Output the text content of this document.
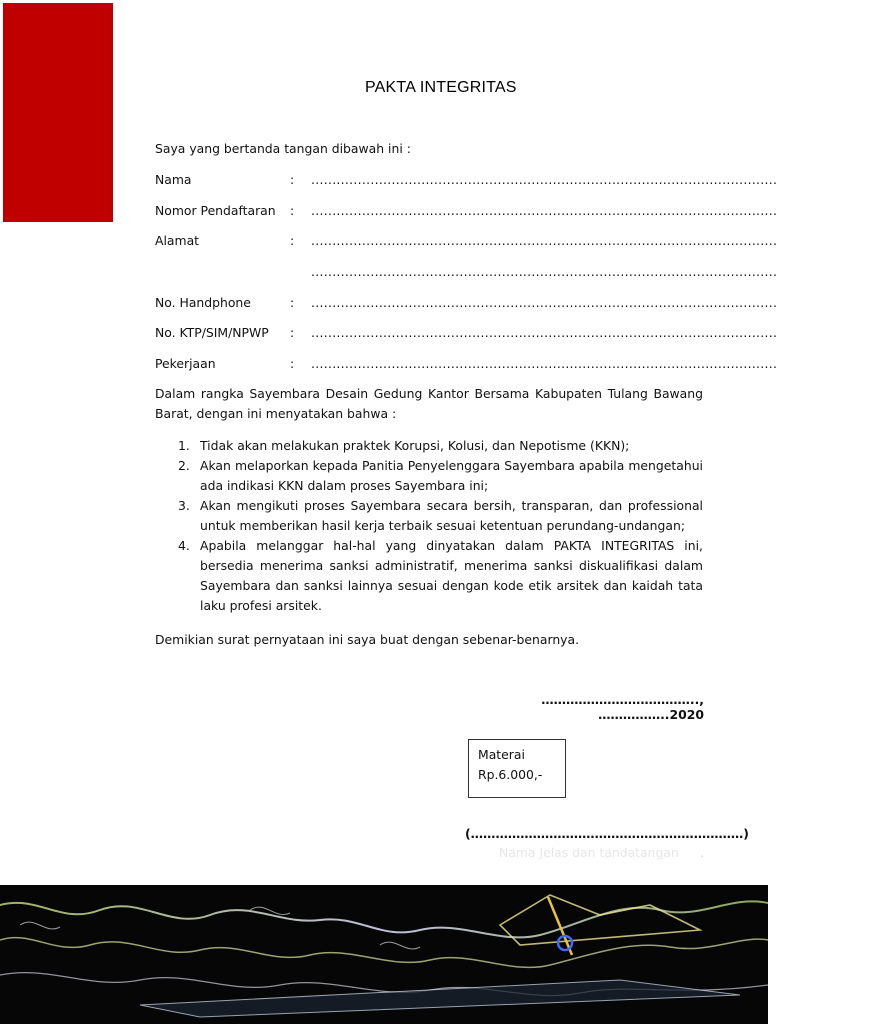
PAKTA INTEGRITAS
Saya yang bertanda tangan dibawah ini :
Nama	: ..............................................................................................................
Nomor Pendaftaran : ..............................................................................................................
Alamat	: ..............................................................................................................
..............................................................................................................
No. Handphone	: ..............................................................................................................
No. KTP/SIM/NPWP : ..............................................................................................................
Pekerjaan	: ..............................................................................................................
Dalam rangka Sayembara Desain Gedung Kantor Bersama Kabupaten Tulang Bawang Barat, dengan ini menyatakan bahwa :
1. Tidak akan melakukan praktek Korupsi, Kolusi, dan Nepotisme (KKN);
2. Akan melaporkan kepada Panitia Penyelenggara Sayembara apabila mengetahui ada indikasi KKN dalam proses Sayembara ini;
3. Akan mengikuti proses Sayembara secara bersih, transparan, dan professional untuk memberikan hasil kerja terbaik sesuai ketentuan perundang-undangan;
4. Apabila melanggar hal-hal yang dinyatakan dalam PAKTA INTEGRITAS ini, bersedia menerima sanksi administratif, menerima sanksi diskualifikasi dalam Sayembara dan sanksi lainnya sesuai dengan kode etik arsitek dan kaidah tata laku profesi arsitek.
Demikian surat pernyataan ini saya buat dengan sebenar-benarnya.
……………………………….., ……………..2020
Materai
Rp.6.000,-
(…………………………………………………………)
Nama Jelas dan tandatangan .
